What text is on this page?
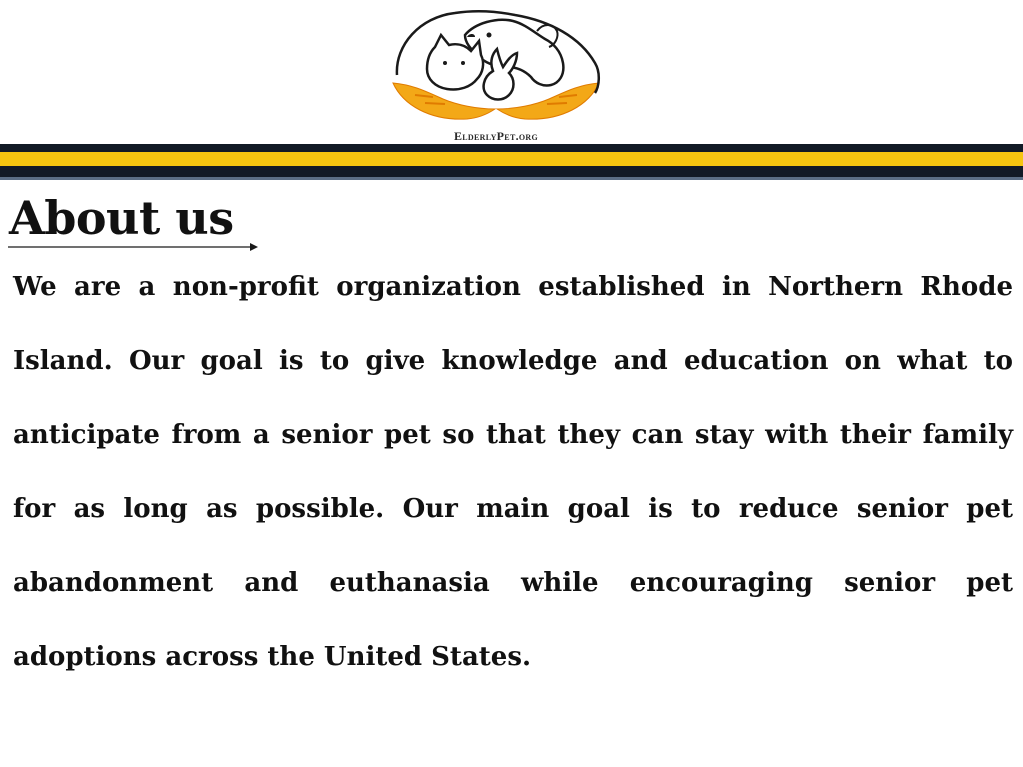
ElderlyPet.org
About us

We are a non-profit organization established in Northern Rhode Island. Our goal is to give knowledge and education on what to anticipate from a senior pet so that they can stay with their family for as long as possible. Our main goal is to reduce senior pet abandonment and euthanasia while encouraging senior pet adoptions across the United States.
